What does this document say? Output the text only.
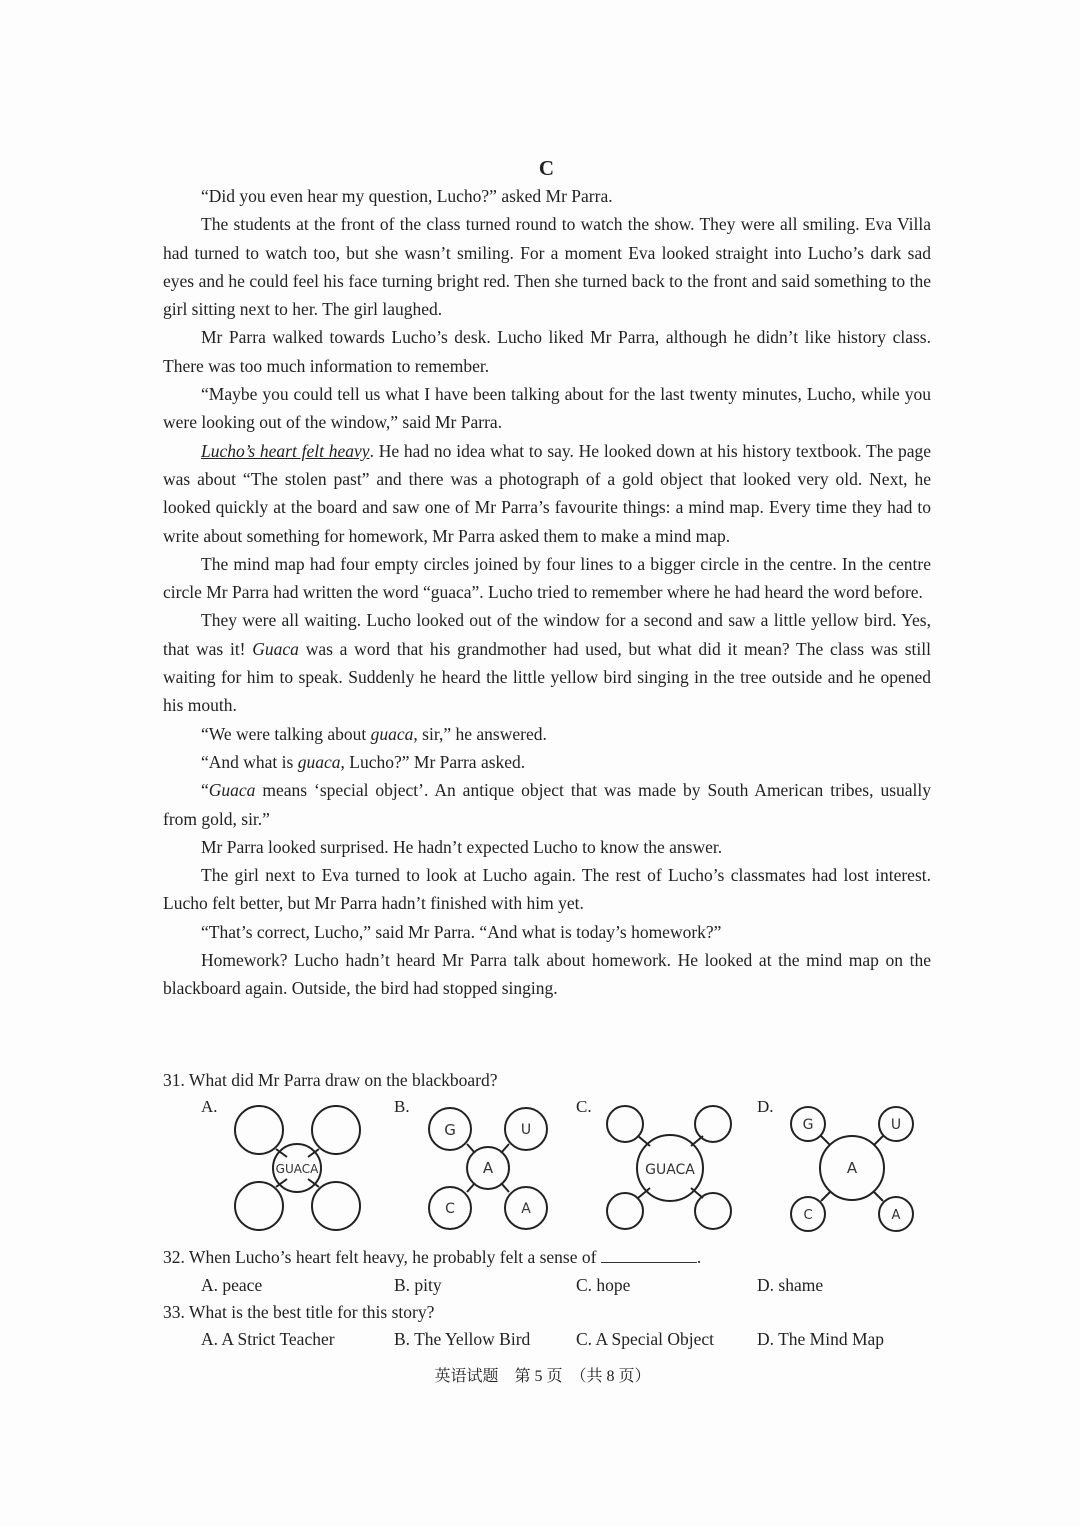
C

“Did you even hear my question, Lucho?” asked Mr Parra.

The students at the front of the class turned round to watch the show. They were all smiling. Eva Villa had turned to watch too, but she wasn’t smiling. For a moment Eva looked straight into Lucho’s dark sad eyes and he could feel his face turning bright red. Then she turned back to the front and said something to the girl sitting next to her. The girl laughed.

Mr Parra walked towards Lucho’s desk. Lucho liked Mr Parra, although he didn’t like history class. There was too much information to remember.

“Maybe you could tell us what I have been talking about for the last twenty minutes, Lucho, while you were looking out of the window,” said Mr Parra.

Lucho’s heart felt heavy. He had no idea what to say. He looked down at his history textbook. The page was about “The stolen past” and there was a photograph of a gold object that looked very old. Next, he looked quickly at the board and saw one of Mr Parra’s favourite things: a mind map. Every time they had to write about something for homework, Mr Parra asked them to make a mind map.

The mind map had four empty circles joined by four lines to a bigger circle in the centre. In the centre circle Mr Parra had written the word “guaca”. Lucho tried to remember where he had heard the word before.

They were all waiting. Lucho looked out of the window for a second and saw a little yellow bird. Yes, that was it! Guaca was a word that his grandmother had used, but what did it mean? The class was still waiting for him to speak. Suddenly he heard the little yellow bird singing in the tree outside and he opened his mouth.

“We were talking about guaca, sir,” he answered.

“And what is guaca, Lucho?” Mr Parra asked.

“Guaca means ‘special object’. An antique object that was made by South American tribes, usually from gold, sir.”

Mr Parra looked surprised. He hadn’t expected Lucho to know the answer.

The girl next to Eva turned to look at Lucho again. The rest of Lucho’s classmates had lost interest. Lucho felt better, but Mr Parra hadn’t finished with him yet.

“That’s correct, Lucho,” said Mr Parra. “And what is today’s homework?”

Homework? Lucho hadn’t heard Mr Parra talk about homework. He looked at the mind map on the blackboard again. Outside, the bird had stopped singing.

31. What did Mr Parra draw on the blackboard?
A.	B.	C.	D.
GUACA
G	U
C	A
A	GUACA
G	U
C	A
A
32. When Lucho’s heart felt heavy, he probably felt a sense of	.
A. peace	B. pity	C. hope	D. shame
33. What is the best title for this story?
A. A Strict Teacher	B. The Yellow Bird	C. A Special Object D. The Mind Map
英语试题　第 5 页　（共 8 页）
